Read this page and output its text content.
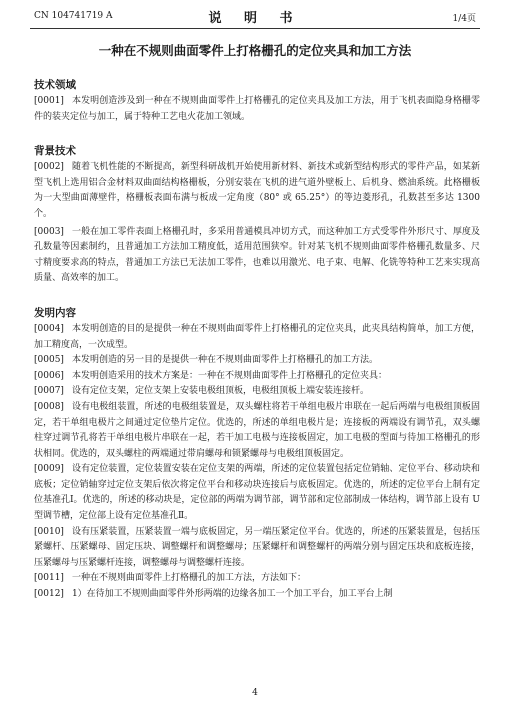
CN 104741719 A	说 明 书	1/4页
一种在不规则曲面零件上打格栅孔的定位夹具和加工方法
技术领域

[0001] 本发明创造涉及到一种在不规则曲面零件上打格栅孔的定位夹具及加工方法，用于飞机表面隐身格栅零件的装夹定位与加工，属于特种工艺电火花加工领域。

背景技术

[0002] 随着飞机性能的不断提高，新型科研战机开始使用新材料、新技术或新型结构形式的零件产品，如某新型飞机上选用铝合金材料双曲面结构格栅板，分别安装在飞机的进气道外壁板上、后机身、燃油系统。此格栅板为一大型曲面薄壁件，格栅板表面布满与板成一定角度（80° 或 65.25°）的等边菱形孔，孔数甚至多达 1300 个。

[0003] 一般在加工零件表面上格栅孔时，多采用普通模具冲切方式，而这种加工方式受零件外形尺寸、厚度及孔数量等因素制约，且普通加工方法加工精度低，适用范围狭窄。针对某飞机不规则曲面零件格栅孔数量多、尺寸精度要求高的特点，普通加工方法已无法加工零件，也难以用激光、电子束、电解、化铣等特种工艺来实现高质量、高效率的加工。

发明内容

[0004] 本发明创造的目的是提供一种在不规则曲面零件上打格栅孔的定位夹具，此夹具结构简单，加工方便，加工精度高，一次成型。

[0005] 本发明创造的另一目的是提供一种在不规则曲面零件上打格栅孔的加工方法。

[0006] 本发明创造采用的技术方案是：一种在不规则曲面零件上打格栅孔的定位夹具：

[0007] 设有定位支架，定位支架上安装电极组顶板，电极组顶板上端安装连接杆。

[0008] 设有电极组装置，所述的电极组装置是，双头螺柱将若干单组电极片串联在一起后两端与电极组顶板固定，若干单组电极片之间通过定位垫片定位。优选的，所述的单组电极片是；连接板的两端设有调节孔，双头螺柱穿过调节孔将若干单组电极片串联在一起，若干加工电极与连接板固定，加工电极的型面与待加工格栅孔的形状相同。优选的，双头螺柱的两端通过带肩螺母和锁紧螺母与电极组顶板固定。

[0009] 设有定位装置，定位装置安装在定位支架的两端，所述的定位装置包括定位销轴、定位平台、移动块和底板；定位销轴穿过定位支架后依次将定位平台和移动块连接后与底板固定。优选的，所述的定位平台上制有定位基准孔Ⅰ。优选的，所述的移动块是，定位部的两端为调节部，调节部和定位部制成一体结构，调节部上设有 U 型调节槽，定位部上设有定位基准孔Ⅱ。

[0010] 设有压紧装置，压紧装置一端与底板固定，另一端压紧定位平台。优选的，所述的压紧装置是，包括压紧螺杆、压紧螺母、固定压块、调整螺杆和调整螺母；压紧螺杆和调整螺杆的两端分别与固定压块和底板连接，压紧螺母与压紧螺杆连接，调整螺母与调整螺杆连接。

[0011] 一种在不规则曲面零件上打格栅孔的加工方法，方法如下：

[0012] 1）在待加工不规则曲面零件外形两端的边缘各加工一个加工平台，加工平台上制

4
